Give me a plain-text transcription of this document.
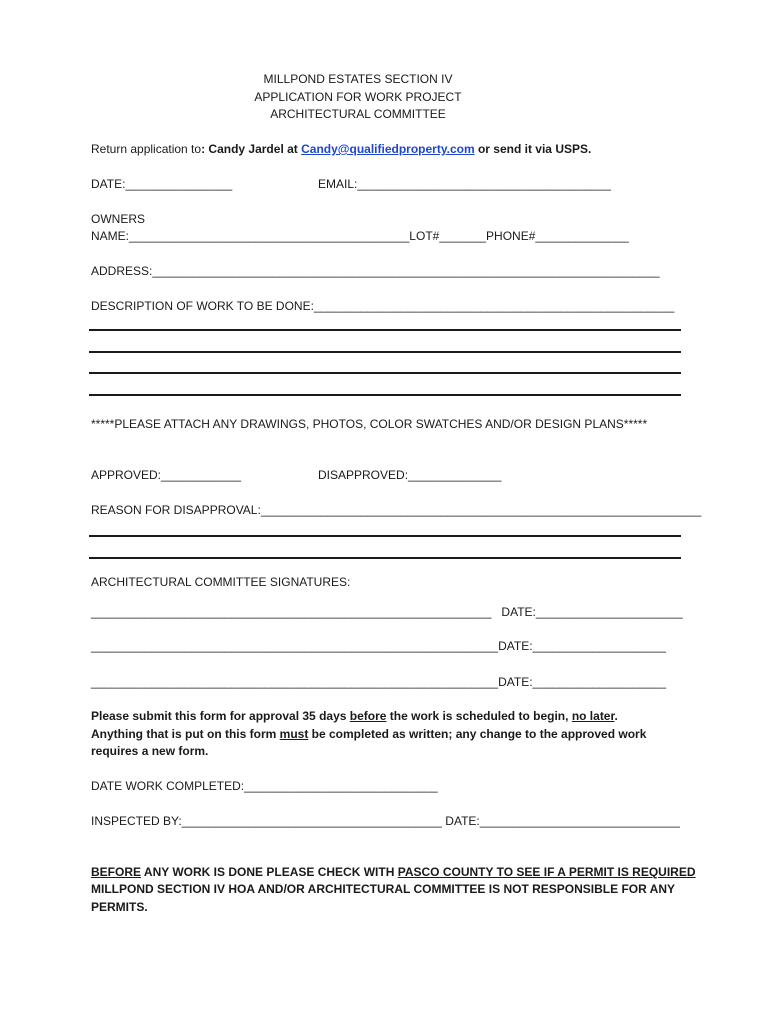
MILLPOND ESTATES SECTION IV
APPLICATION FOR WORK PROJECT
ARCHITECTURAL COMMITTEE
Return application to: Candy Jardel at Candy@qualifiedproperty.com or send it via USPS.
DATE:________________	EMAIL:______________________________________
OWNERS
NAME:__________________________________________LOT#_______PHONE#______________
ADDRESS:____________________________________________________________________________
DESCRIPTION OF WORK TO BE DONE:______________________________________________________
*****PLEASE ATTACH ANY DRAWINGS, PHOTOS, COLOR SWATCHES AND/OR DESIGN PLANS*****
APPROVED:____________	DISAPPROVED:______________
REASON FOR DISAPPROVAL:__________________________________________________________________
ARCHITECTURAL COMMITTEE SIGNATURES:
____________________________________________________________   DATE:______________________
_____________________________________________________________DATE:____________________
_____________________________________________________________DATE:____________________
Please submit this form for approval 35 days before the work is scheduled to begin, no later.
Anything that is put on this form must be completed as written; any change to the approved work
requires a new form.
DATE WORK COMPLETED:_____________________________
INSPECTED BY:_______________________________________ DATE:______________________________
BEFORE ANY WORK IS DONE PLEASE CHECK WITH PASCO COUNTY TO SEE IF A PERMIT IS REQUIRED
MILLPOND SECTION IV HOA AND/OR ARCHITECTURAL COMMITTEE IS NOT RESPONSIBLE FOR ANY
PERMITS.
